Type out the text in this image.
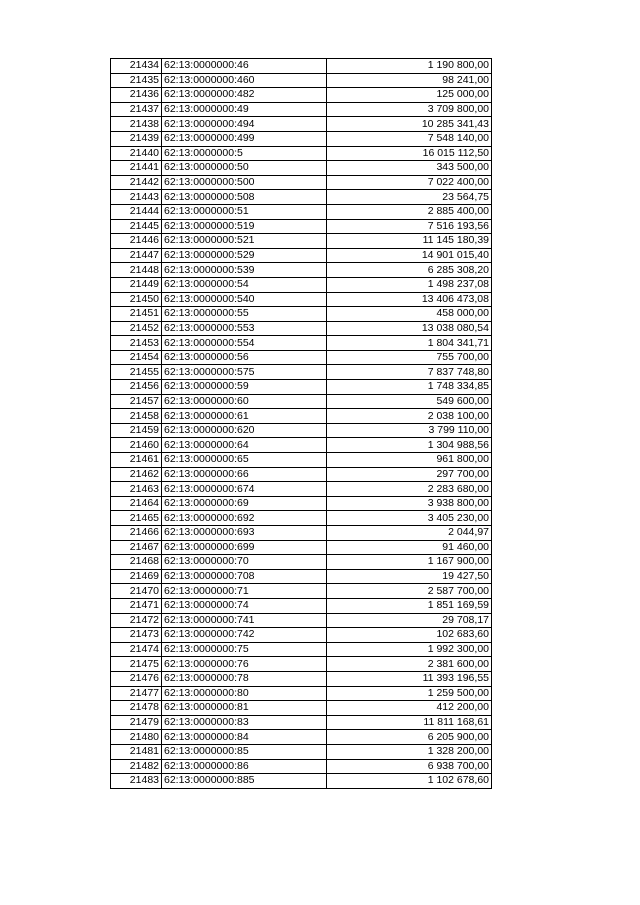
21434	62:13:0000000:46	1 190 800,00
21435	62:13:0000000:460	98 241,00
21436	62:13:0000000:482	125 000,00
21437	62:13:0000000:49	3 709 800,00
21438	62:13:0000000:494	10 285 341,43
21439	62:13:0000000:499	7 548 140,00
21440	62:13:0000000:5	16 015 112,50
21441	62:13:0000000:50	343 500,00
21442	62:13:0000000:500	7 022 400,00
21443	62:13:0000000:508	23 564,75
21444	62:13:0000000:51	2 885 400,00
21445	62:13:0000000:519	7 516 193,56
21446	62:13:0000000:521	11 145 180,39
21447	62:13:0000000:529	14 901 015,40
21448	62:13:0000000:539	6 285 308,20
21449	62:13:0000000:54	1 498 237,08
21450	62:13:0000000:540	13 406 473,08
21451	62:13:0000000:55	458 000,00
21452	62:13:0000000:553	13 038 080,54
21453	62:13:0000000:554	1 804 341,71
21454	62:13:0000000:56	755 700,00
21455	62:13:0000000:575	7 837 748,80
21456	62:13:0000000:59	1 748 334,85
21457	62:13:0000000:60	549 600,00
21458	62:13:0000000:61	2 038 100,00
21459	62:13:0000000:620	3 799 110,00
21460	62:13:0000000:64	1 304 988,56
21461	62:13:0000000:65	961 800,00
21462	62:13:0000000:66	297 700,00
21463	62:13:0000000:674	2 283 680,00
21464	62:13:0000000:69	3 938 800,00
21465	62:13:0000000:692	3 405 230,00
21466	62:13:0000000:693	2 044,97
21467	62:13:0000000:699	91 460,00
21468	62:13:0000000:70	1 167 900,00
21469	62:13:0000000:708	19 427,50
21470	62:13:0000000:71	2 587 700,00
21471	62:13:0000000:74	1 851 169,59
21472	62:13:0000000:741	29 708,17
21473	62:13:0000000:742	102 683,60
21474	62:13:0000000:75	1 992 300,00
21475	62:13:0000000:76	2 381 600,00
21476	62:13:0000000:78	11 393 196,55
21477	62:13:0000000:80	1 259 500,00
21478	62:13:0000000:81	412 200,00
21479	62:13:0000000:83	11 811 168,61
21480	62:13:0000000:84	6 205 900,00
21481	62:13:0000000:85	1 328 200,00
21482	62:13:0000000:86	6 938 700,00
21483	62:13:0000000:885	1 102 678,60
